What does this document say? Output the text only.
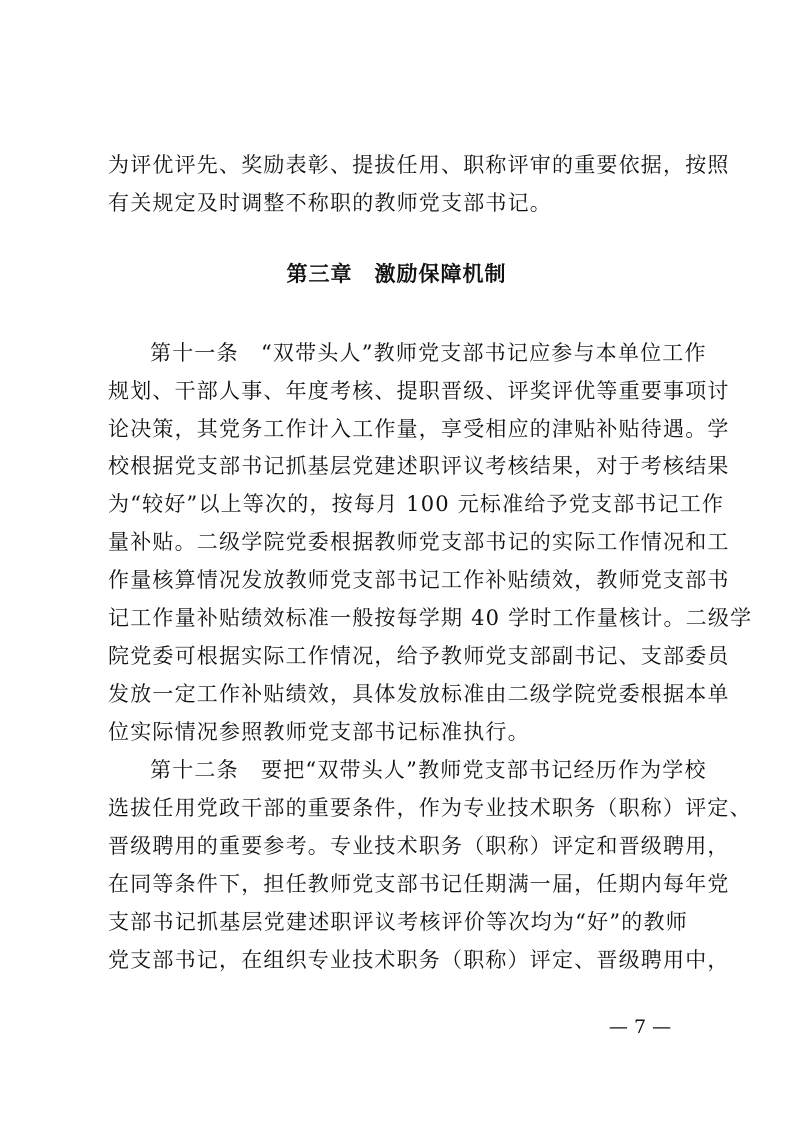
为评优评先、奖励表彰、提拔任用、职称评审的重要依据，按照
有关规定及时调整不称职的教师党支部书记。
第三章　激励保障机制
第十一条　“双带头人”教师党支部书记应参与本单位工作
规划、干部人事、年度考核、提职晋级、评奖评优等重要事项讨
论决策，其党务工作计入工作量，享受相应的津贴补贴待遇。学
校根据党支部书记抓基层党建述职评议考核结果，对于考核结果
为“较好”以上等次的，按每月 100 元标准给予党支部书记工作
量补贴。二级学院党委根据教师党支部书记的实际工作情况和工
作量核算情况发放教师党支部书记工作补贴绩效，教师党支部书
记工作量补贴绩效标准一般按每学期 40 学时工作量核计。二级学
院党委可根据实际工作情况，给予教师党支部副书记、支部委员
发放一定工作补贴绩效，具体发放标准由二级学院党委根据本单
位实际情况参照教师党支部书记标准执行。
第十二条　要把“双带头人”教师党支部书记经历作为学校
选拔任用党政干部的重要条件，作为专业技术职务（职称）评定、
晋级聘用的重要参考。专业技术职务（职称）评定和晋级聘用，
在同等条件下，担任教师党支部书记任期满一届，任期内每年党
支部书记抓基层党建述职评议考核评价等次均为“好”的教师
党支部书记，在组织专业技术职务（职称）评定、晋级聘用中，
— 7 —
